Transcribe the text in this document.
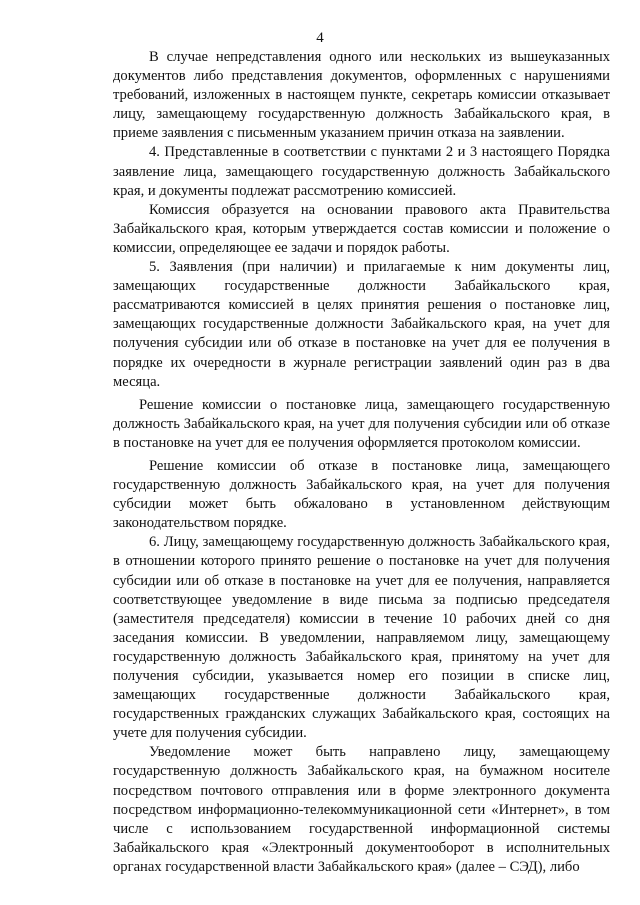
4

В случае непредставления одного или нескольких из вышеуказанных документов либо представления документов, оформленных с нарушениями требований, изложенных в настоящем пункте, секретарь комиссии отказывает лицу, замещающему государственную должность Забайкальского края, в приеме заявления с письменным указанием причин отказа на заявлении.

4. Представленные в соответствии с пунктами 2 и 3 настоящего Порядка заявление лица, замещающего государственную должность Забайкальского края, и документы подлежат рассмотрению комиссией.

Комиссия образуется на основании правового акта Правительства Забайкальского края, которым утверждается состав комиссии и положение о комиссии, определяющее ее задачи и порядок работы.

5. Заявления (при наличии) и прилагаемые к ним документы лиц, замещающих государственные должности Забайкальского края, рассматриваются комиссией в целях принятия решения о постановке лиц, замещающих государственные должности Забайкальского края, на учет для получения субсидии или об отказе в постановке на учет для ее получения в порядке их очередности в журнале регистрации заявлений один раз в два месяца.

Решение комиссии о постановке лица, замещающего государственную должность Забайкальского края, на учет для получения субсидии или об отказе в постановке на учет для ее получения оформляется протоколом комиссии.

Решение комиссии об отказе в постановке лица, замещающего государственную должность Забайкальского края, на учет для получения субсидии может быть обжаловано в установленном действующим законодательством порядке.

6. Лицу, замещающему государственную должность Забайкальского края, в отношении которого принято решение о постановке на учет для получения субсидии или об отказе в постановке на учет для ее получения, направляется соответствующее уведомление в виде письма за подписью председателя (заместителя председателя) комиссии в течение 10 рабочих дней со дня заседания комиссии. В уведомлении, направляемом лицу, замещающему государственную должность Забайкальского края, принятому на учет для получения субсидии, указывается номер его позиции в списке лиц, замещающих государственные должности Забайкальского края, государственных гражданских служащих Забайкальского края, состоящих на учете для получения субсидии.

Уведомление может быть направлено лицу, замещающему государственную должность Забайкальского края, на бумажном носителе посредством почтового отправления или в форме электронного документа посредством информационно-телекоммуникационной сети «Интернет», в том числе с использованием государственной информационной системы Забайкальского края «Электронный документооборот в исполнительных органах государственной власти Забайкальского края» (далее – СЭД), либо
